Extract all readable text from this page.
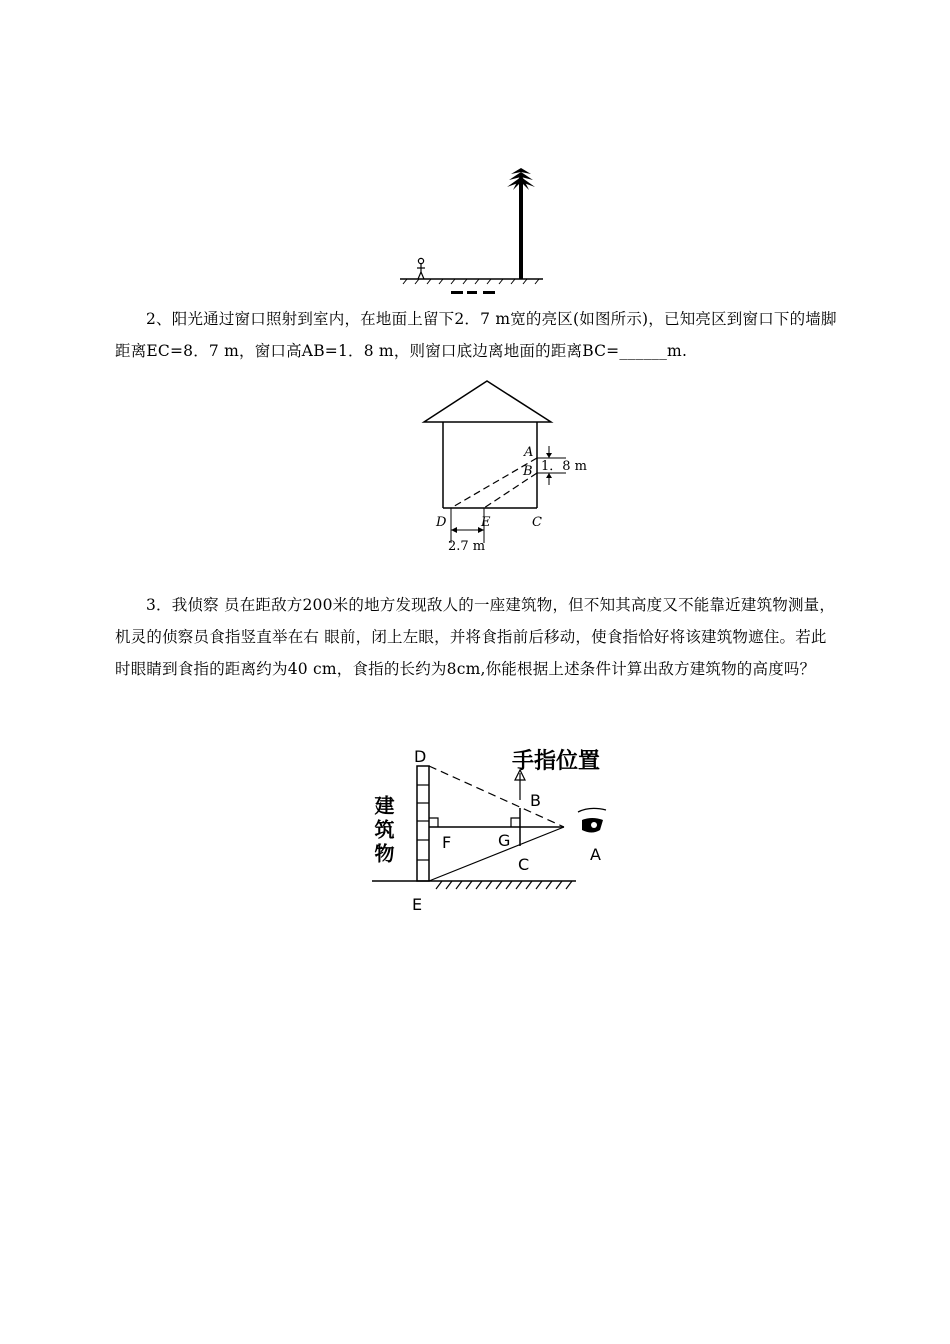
2、阳光通过窗口照射到室内，在地面上留下2．7 m宽的亮区(如图所示)，已知亮区到窗口下的墙脚距离EC=8．7 m，窗口高AB=1．8 m，则窗口底边离地面的距离BC=______m.

A
B 1．8 m
D	E	C
2.7 m

3．我侦察 员在距敌方200米的地方发现敌人的一座建筑物，但不知其高度又不能靠近建筑物测量，机灵的侦察员食指竖直举在右 眼前，闭上左眼，并将食指前后移动，使食指恰好将该建筑物遮住。若此时眼睛到食指的距离约为40 cm，食指的长约为8cm,你能根据上述条件计算出敌方建筑物的高度吗？

D
E
F	G
B
C
A
手指位置
建筑物
